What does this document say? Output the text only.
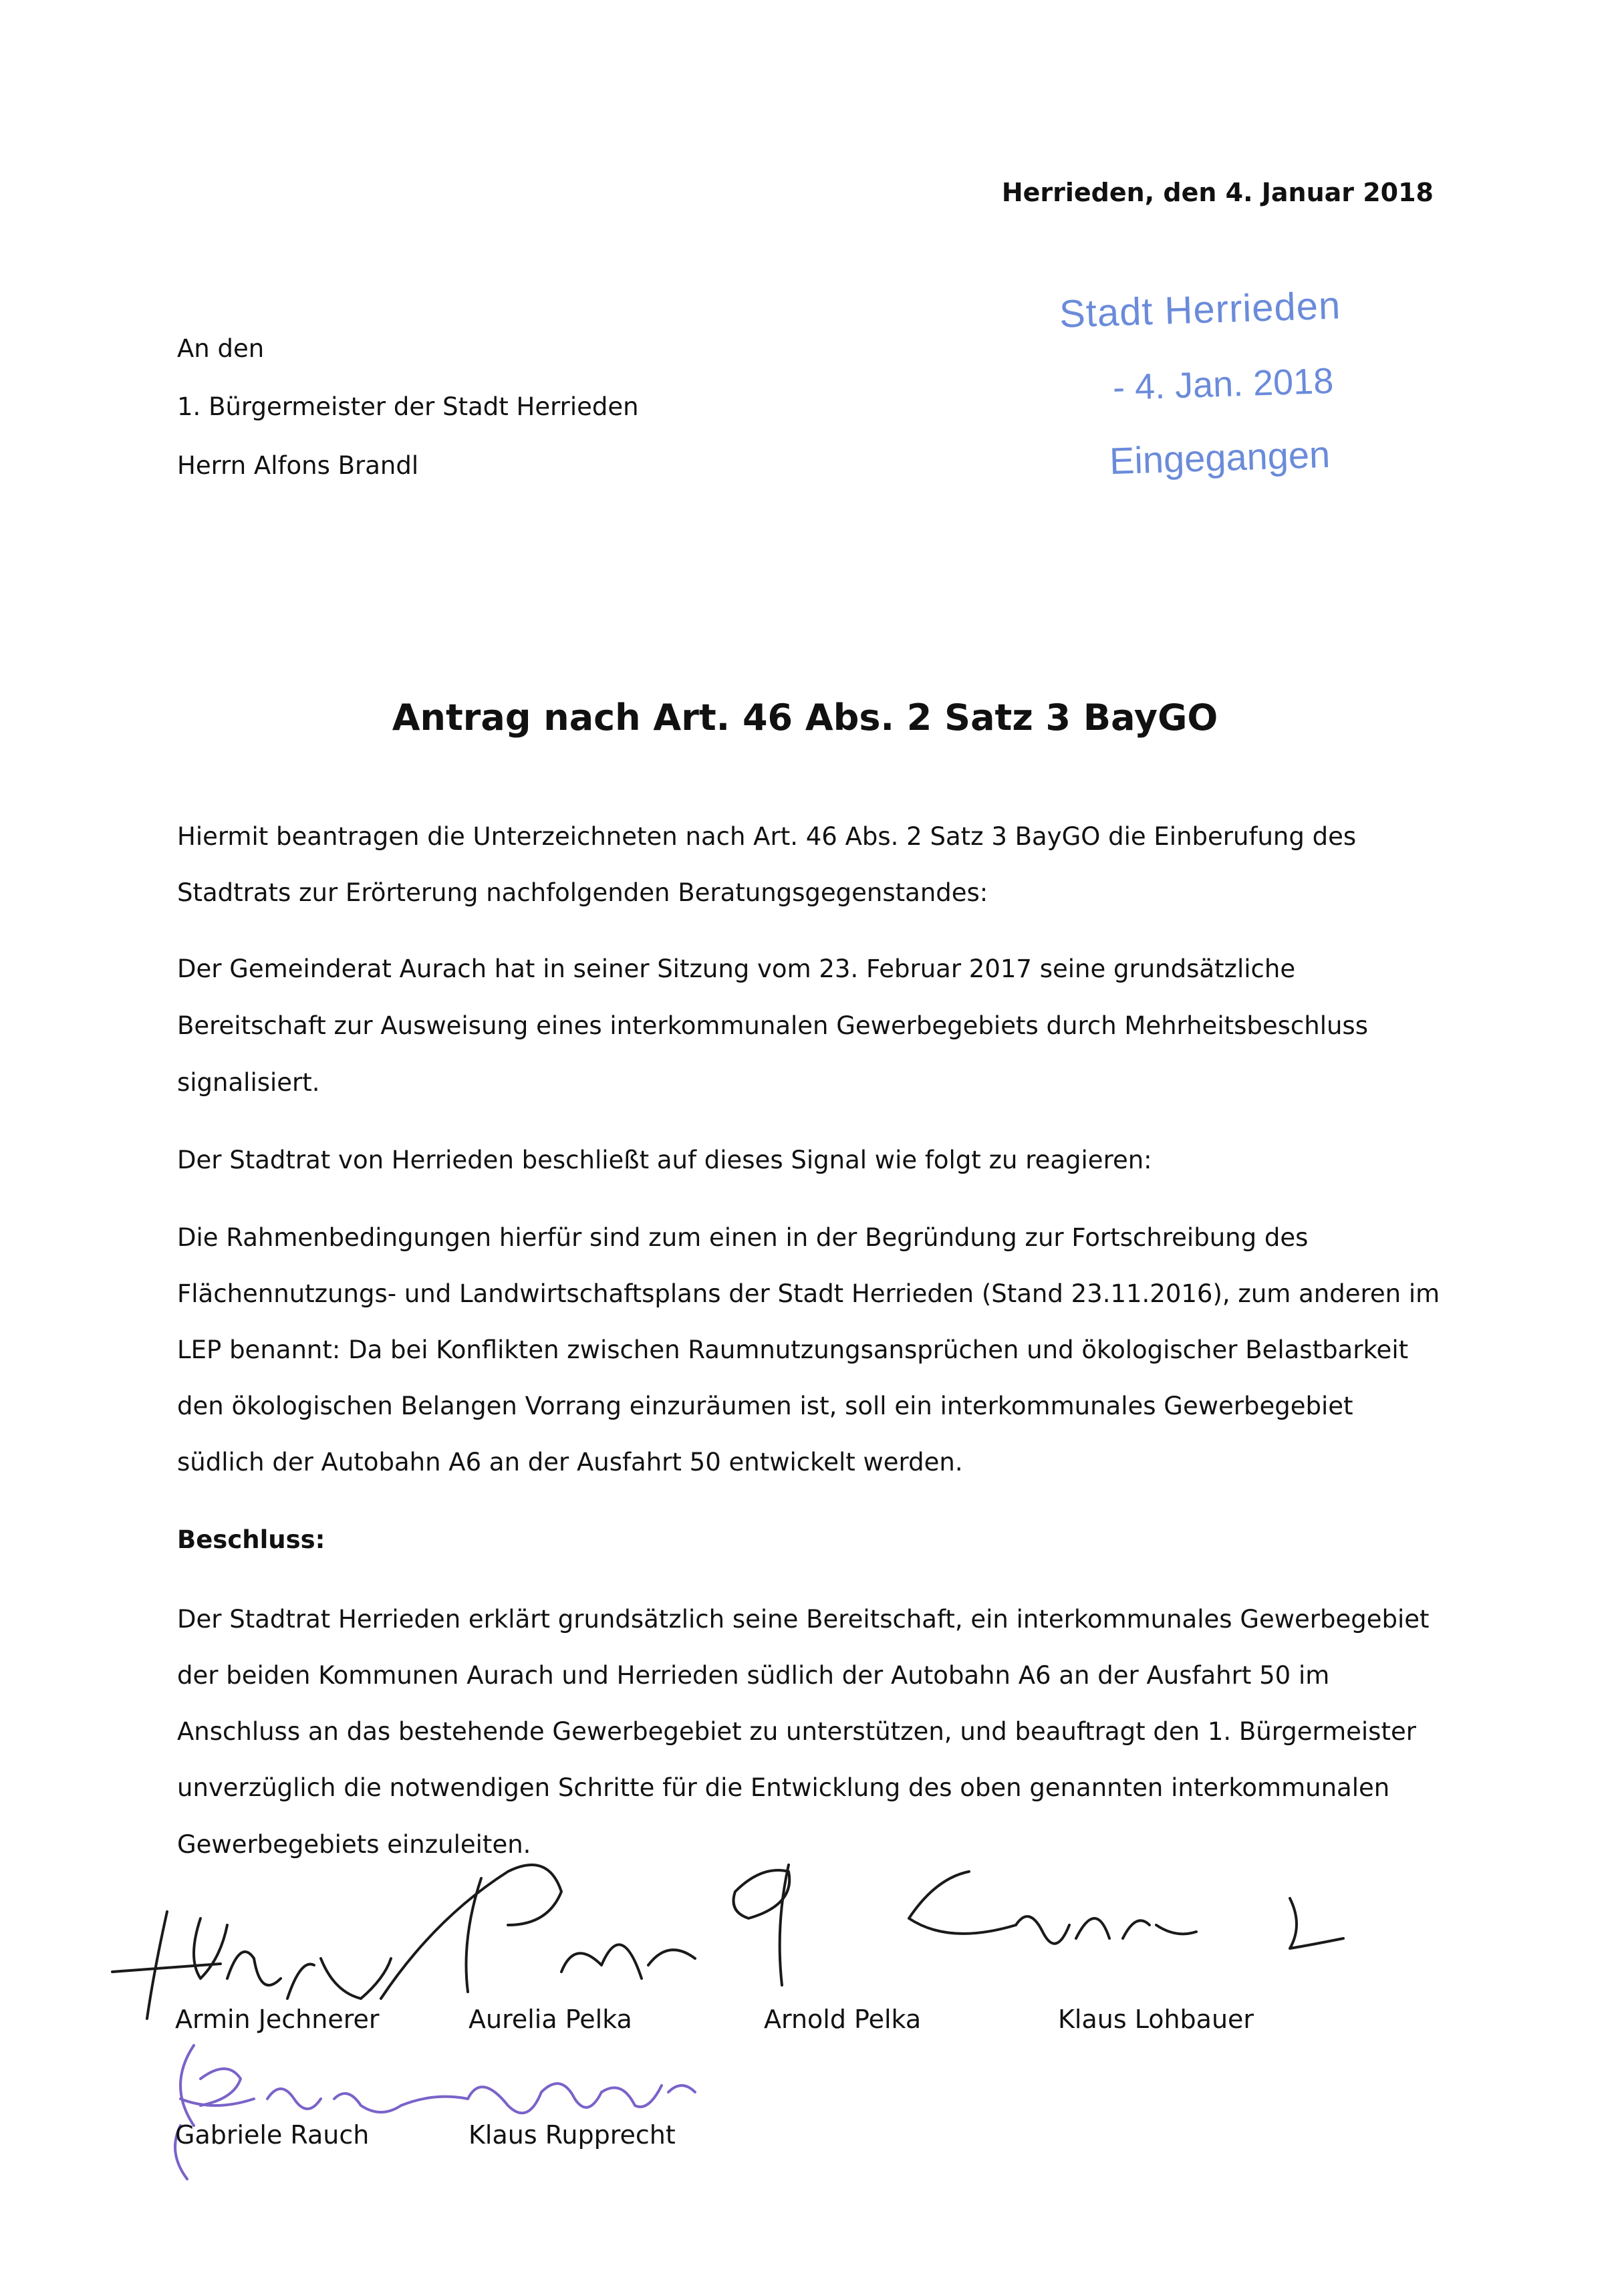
Herrieden, den 4. Januar 2018
An den
1. Bürgermeister der Stadt Herrieden
Herrn Alfons Brandl
Stadt Herrieden
- 4. Jan. 2018
Eingegangen
Antrag nach Art. 46 Abs. 2 Satz 3 BayGO
Hiermit beantragen die Unterzeichneten nach Art. 46 Abs. 2 Satz 3 BayGO die Einberufung des
Stadtrats zur Erörterung nachfolgenden Beratungsgegenstandes:
Der Gemeinderat Aurach hat in seiner Sitzung vom 23. Februar 2017 seine grundsätzliche
Bereitschaft zur Ausweisung eines interkommunalen Gewerbegebiets durch Mehrheitsbeschluss
signalisiert.
Der Stadtrat von Herrieden beschließt auf dieses Signal wie folgt zu reagieren:
Die Rahmenbedingungen hierfür sind zum einen in der Begründung zur Fortschreibung des
Flächennutzungs- und Landwirtschaftsplans der Stadt Herrieden (Stand 23.11.2016), zum anderen im
LEP benannt: Da bei Konflikten zwischen Raumnutzungsansprüchen und ökologischer Belastbarkeit
den ökologischen Belangen Vorrang einzuräumen ist, soll ein interkommunales Gewerbegebiet
südlich der Autobahn A6 an der Ausfahrt 50 entwickelt werden.
Beschluss:
Der Stadtrat Herrieden erklärt grundsätzlich seine Bereitschaft, ein interkommunales Gewerbegebiet
der beiden Kommunen Aurach und Herrieden südlich der Autobahn A6 an der Ausfahrt 50 im
Anschluss an das bestehende Gewerbegebiet zu unterstützen, und beauftragt den 1. Bürgermeister
unverzüglich die notwendigen Schritte für die Entwicklung des oben genannten interkommunalen
Gewerbegebiets einzuleiten.
Armin Jechnerer	Aurelia Pelka	Arnold Pelka	Klaus Lohbauer
Gabriele Rauch	Klaus Rupprecht
